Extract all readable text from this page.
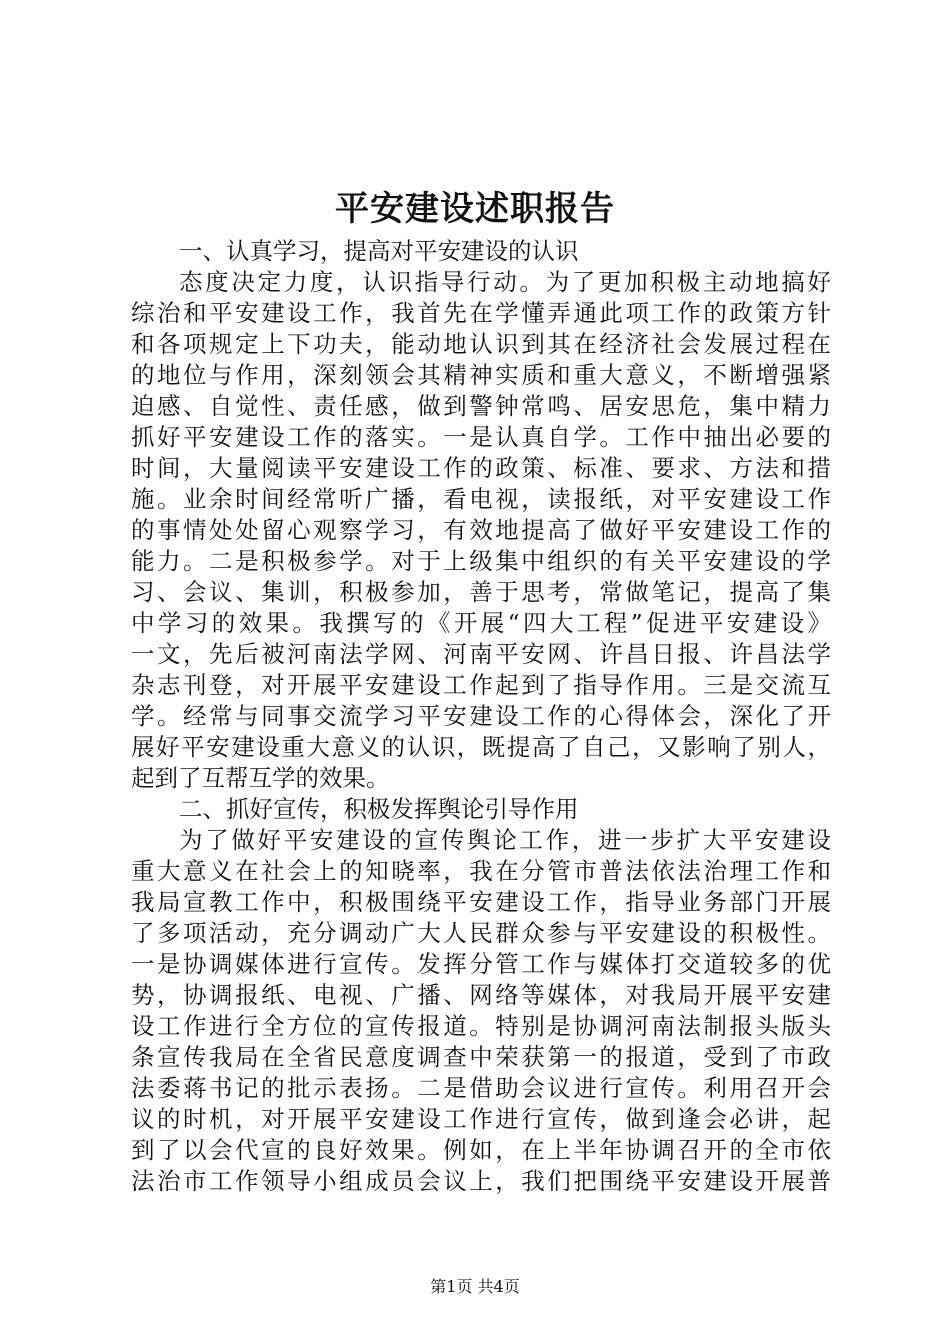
平安建设述职报告
一、认真学习，提高对平安建设的认识
态度决定力度，认识指导行动。为了更加积极主动地搞好
综治和平安建设工作，我首先在学懂弄通此项工作的政策方针
和各项规定上下功夫，能动地认识到其在经济社会发展过程在
的地位与作用，深刻领会其精神实质和重大意义，不断增强紧
迫感、自觉性、责任感，做到警钟常鸣、居安思危，集中精力
抓好平安建设工作的落实。一是认真自学。工作中抽出必要的
时间，大量阅读平安建设工作的政策、标准、要求、方法和措
施。业余时间经常听广播，看电视，读报纸，对平安建设工作
的事情处处留心观察学习，有效地提高了做好平安建设工作的
能力。二是积极参学。对于上级集中组织的有关平安建设的学
习、会议、集训，积极参加，善于思考，常做笔记，提高了集
中学习的效果。我撰写的《开展“四大工程”促进平安建设》
一文，先后被河南法学网、河南平安网、许昌日报、许昌法学
杂志刊登，对开展平安建设工作起到了指导作用。三是交流互
学。经常与同事交流学习平安建设工作的心得体会，深化了开
展好平安建设重大意义的认识，既提高了自己，又影响了别人，
起到了互帮互学的效果。
二、抓好宣传，积极发挥舆论引导作用
为了做好平安建设的宣传舆论工作，进一步扩大平安建设
重大意义在社会上的知晓率，我在分管市普法依法治理工作和
我局宣教工作中，积极围绕平安建设工作，指导业务部门开展
了多项活动，充分调动广大人民群众参与平安建设的积极性。
一是协调媒体进行宣传。发挥分管工作与媒体打交道较多的优
势，协调报纸、电视、广播、网络等媒体，对我局开展平安建
设工作进行全方位的宣传报道。特别是协调河南法制报头版头
条宣传我局在全省民意度调查中荣获第一的报道，受到了市政
法委蒋书记的批示表扬。二是借助会议进行宣传。利用召开会
议的时机，对开展平安建设工作进行宣传，做到逢会必讲，起
到了以会代宣的良好效果。例如，在上半年协调召开的全市依
法治市工作领导小组成员会议上，我们把围绕平安建设开展普
第1页 共4页
